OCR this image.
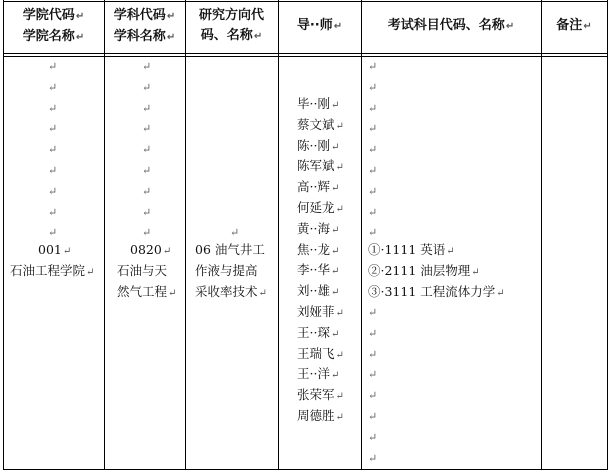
学院代码↵
学院名称↵
学科代码↵
学科名称↵
研究方向代
码、名称↵
导··师↵	考试科目代码、名称↵	备注↵
↵
↵
↵
↵
↵
↵
↵
↵
↵
001↵
石油工程学院↵
↵
↵
↵
↵
↵
↵
↵
↵
↵
0820↵
石油与天
然气工程↵
↵
06 油气井工
作液与提高
采收率技术↵
毕··刚↵
蔡文斌↵
陈··刚↵
陈军斌↵
高··辉↵
何延龙↵
黄··海↵
焦··龙↵
李··华↵
刘··雄↵
刘娅菲↵
王··琛↵
王瑞飞↵
王··洋↵
张荣军↵
周德胜↵
↵
↵
↵
↵
↵
↵
↵
↵
↵
①·1111 英语↵
②·2111 油层物理↵
③·3111 工程流体力学↵
↵
↵
↵
↵
↵
↵
↵
↵
